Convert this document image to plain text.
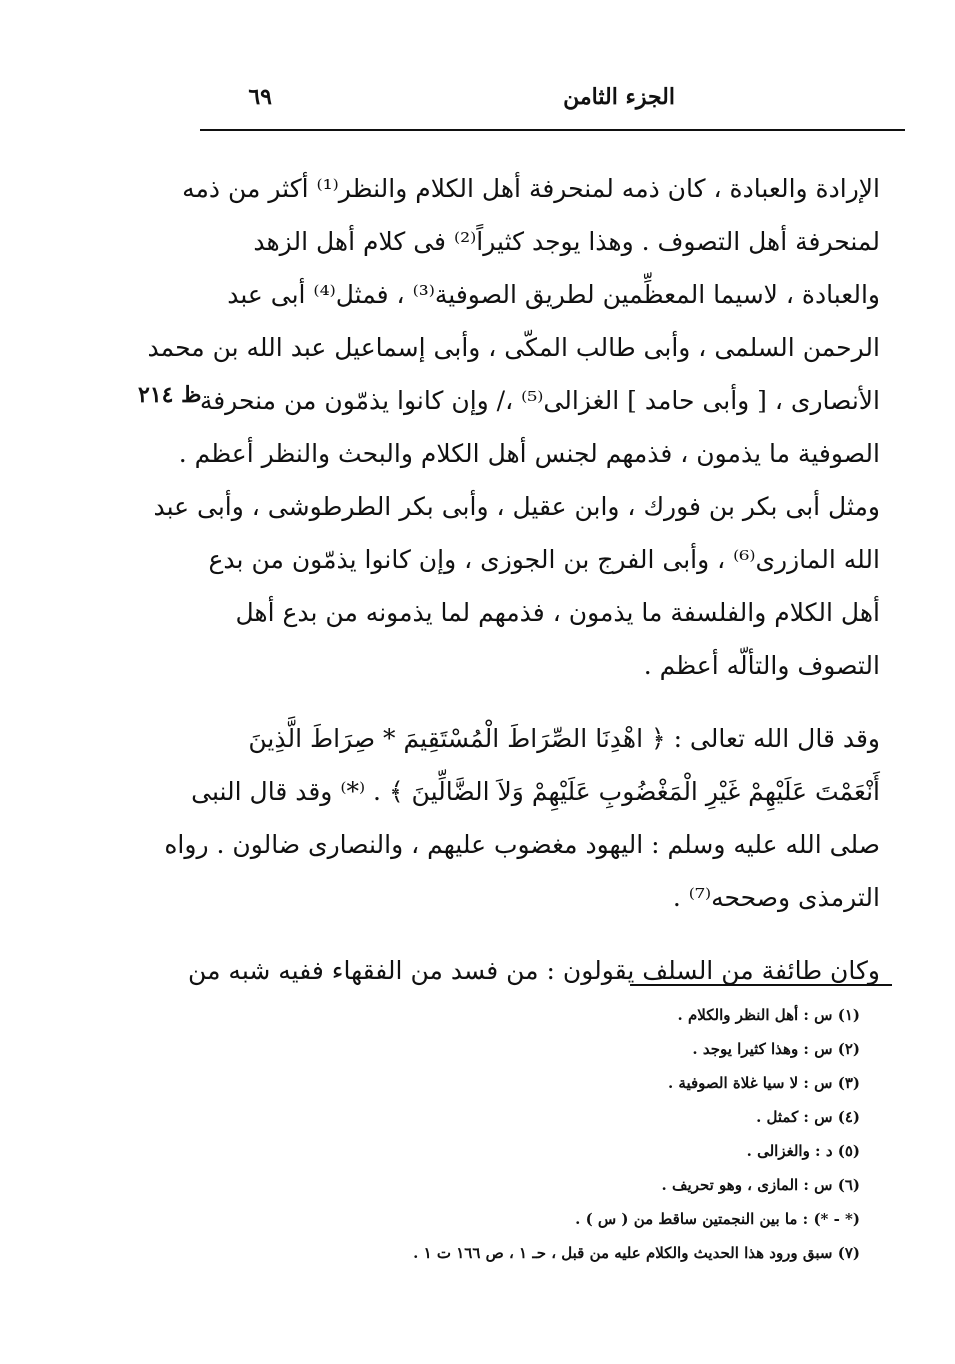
الجزء الثامن
٦٩
ظ ٢١٤
الإرادة والعبادة ، كان ذمه لمنحرفة أهل الكلام والنظر⁽¹⁾ أكثر من ذمه
لمنحرفة أهل التصوف . وهذا يوجد كثيراً⁽²⁾ فى كلام أهل الزهد
والعبادة ، لاسيما المعظِّمين لطريق الصوفية⁽³⁾ ، فمثل⁽⁴⁾ أبى عبد
الرحمن السلمى ، وأبى طالب المكّى ، وأبى إسماعيل عبد الله بن محمد
الأنصارى ، [ وأبى حامد ] الغزالى⁽⁵⁾ ،/ وإن كانوا يذمّون من منحرفة
الصوفية ما يذمون ، فذمهم لجنس أهل الكلام والبحث والنظر أعظم .
ومثل أبى بكر بن فورك ، وابن عقيل ، وأبى بكر الطرطوشى ، وأبى عبد
الله المازرى⁽⁶⁾ ، وأبى الفرج بن الجوزى ، وإن كانوا يذمّون من بدع
أهل الكلام والفلسفة ما يذمون ، فذمهم لما يذمونه من بدع أهل
التصوف والتألّه أعظم .
وقد قال الله تعالى : ﴿ اهْدِنَا الصِّرَاطَ الْمُسْتَقِيمَ * صِرَاطَ الَّذِينَ
أَنْعَمْتَ عَلَيْهِمْ غَيْرِ الْمَغْضُوبِ عَلَيْهِمْ وَلاَ الضَّالِّينَ ﴾ . ⁽*⁾ وقد قال النبى
صلى الله عليه وسلم : اليهود مغضوب عليهم ، والنصارى ضالون . رواه
الترمذى وصححه⁽⁷⁾ .
وكان طائفة من السلف يقولون : من فسد من الفقهاء ففيه شبه من
(١) س : أهل النظر والكلام .
(٢) س : وهذا كثيرا يوجد .
(٣) س : لا سيا غلاة الصوفية .
(٤) س : كمثل .
(٥) د : والغزالى .
(٦) س : المازى ، وهو تحريف .
(* - *) : ما بين النجمتين ساقط من ( س ) .
(٧) سبق ورود هذا الحديث والكلام عليه من قبل ، حـ ١ ، ص ١٦٦ ت ١ .
